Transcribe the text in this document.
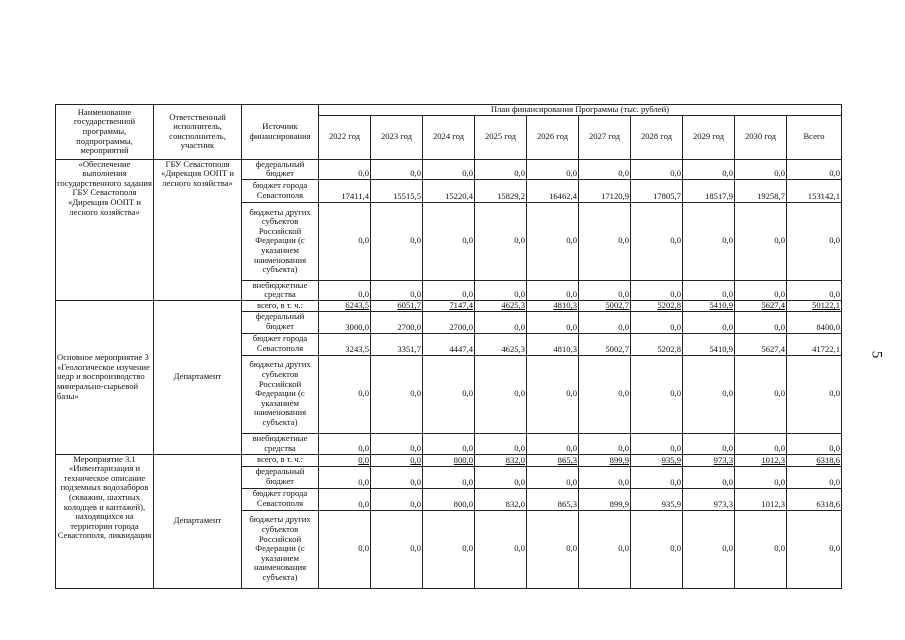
5
Наименование государственной программы, подпрограммы, мероприятий	Ответственный исполнитель, соисполнитель, участник	Источник финансирования	План финансирования Программы (тыс. рублей)									
			2022 год	2023 год	2024 год	2025 год	2026 год	2027 год	2028 год	2029 год	2030 год	Всего
«Обеспечение выполнения государственного задания ГБУ Севастополя «Дирекция ООПТ и лесного хозяйства»	ГБУ Севастополя «Дирекция ООПТ и лесного хозяйства»	федеральный бюджет	0,0	0,0	0,0	0,0	0,0	0,0	0,0	0,0	0,0	0,0
		бюджет города Севастополя	17411,4	15515,5	15220,4	15829,2	16462,4	17120,9	17805,7	18517,9	19258,7	153142,1
		бюджеты других субъектов Российской Федерации (с указанием наименования субъекта)	0,0	0,0	0,0	0,0	0,0	0,0	0,0	0,0	0,0	0,0
		внебюджетные средства	0,0	0,0	0,0	0,0	0,0	0,0	0,0	0,0	0,0	0,0
Основное мероприятие 3 «Геологическое изучение недр и воспроизводство минерально-сырьевой базы»	Департамент	всего, в т. ч.:	6243,5	6051,7	7147,4	4625,3	4810,3	5002,7	5202,8	5410,9	5627,4	50122,1
		федеральный бюджет	3000,0	2700,0	2700,0	0,0	0,0	0,0	0,0	0,0	0,0	8400,0
		бюджет города Севастополя	3243,5	3351,7	4447,4	4625,3	4810,3	5002,7	5202,8	5410,9	5627,4	41722,1
		бюджеты других субъектов Российской Федерации (с указанием наименования субъекта)	0,0	0,0	0,0	0,0	0,0	0,0	0,0	0,0	0,0	0,0
		внебюджетные средства	0,0	0,0	0,0	0,0	0,0	0,0	0,0	0,0	0,0	0,0
Мероприятие 3.1 «Инвентаризация и техническое описание подземных водозаборов (скважин, шахтных колодцев и каптажей), находящихся на территории города Севастополя, ликвидация	Департамент	всего, в т. ч.:	0,0	0,0	800,0	832,0	865,3	899,9	935,9	973,3	1012,3	6318,6
		федеральный бюджет	0,0	0,0	0,0	0,0	0,0	0,0	0,0	0,0	0,0	0,0
		бюджет города Севастополя	0,0	0,0	800,0	832,0	865,3	899,9	935,9	973,3	1012,3	6318,6
		бюджеты других субъектов Российской Федерации (с указанием наименования субъекта)	0,0	0,0	0,0	0,0	0,0	0,0	0,0	0,0	0,0	0,0
